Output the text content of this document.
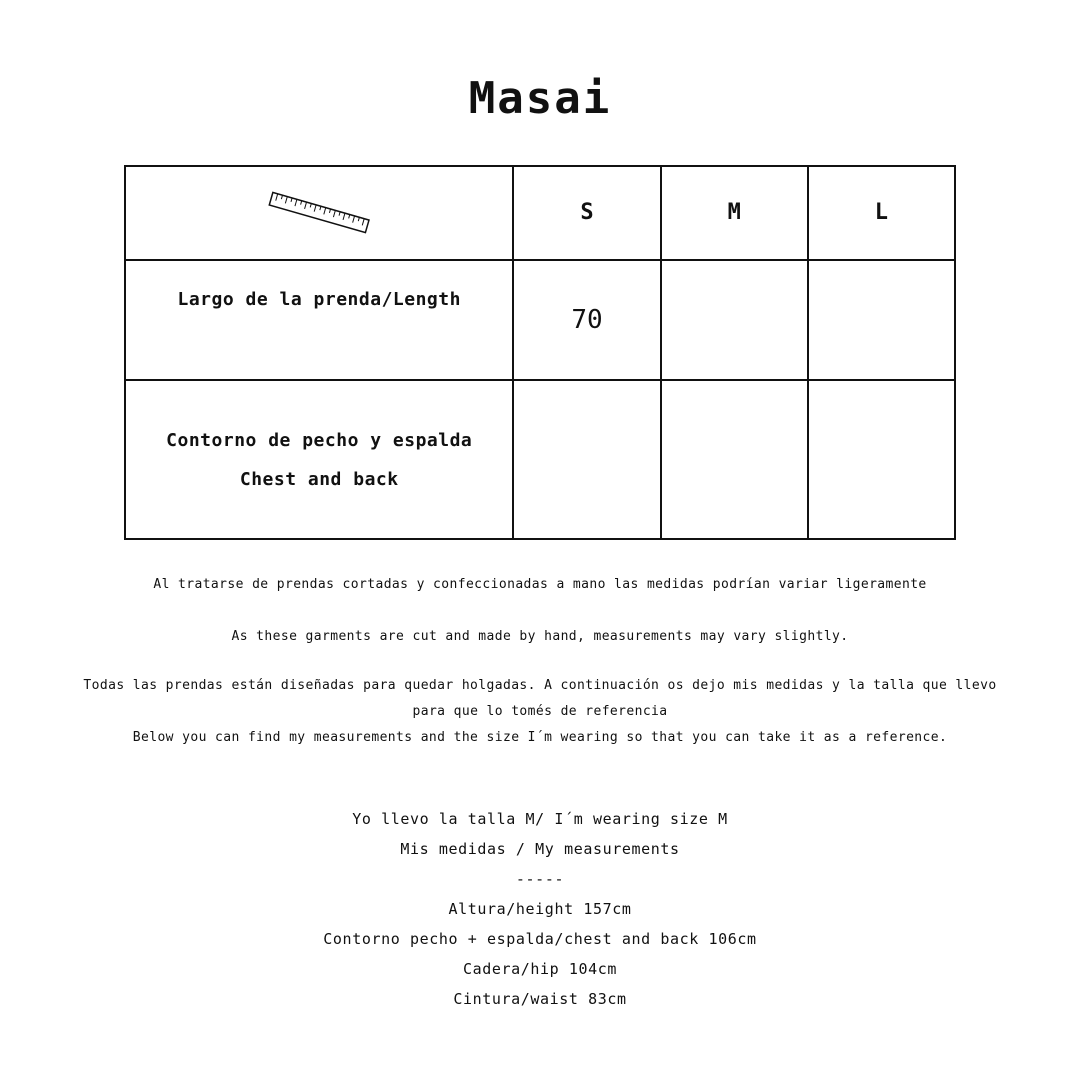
Masai
	S	M	L

Largo de la prenda/Length	70		

Contorno de pecho y espalda
Chest and back			

Al tratarse de prendas cortadas y confeccionadas a mano las medidas podrían variar ligeramente
As these garments are cut and made by hand, measurements may vary slightly.
Todas las prendas están diseñadas para quedar holgadas. A continuación os dejo mis medidas y la talla que llevo
para que lo tomés de referencia
Below you can find my measurements and the size I´m wearing so that you can take it as a reference.
Yo llevo la talla M/ I´m wearing size M
Mis medidas / My measurements
-----
Altura/height 157cm
Contorno pecho + espalda/chest and back 106cm
Cadera/hip 104cm
Cintura/waist 83cm
